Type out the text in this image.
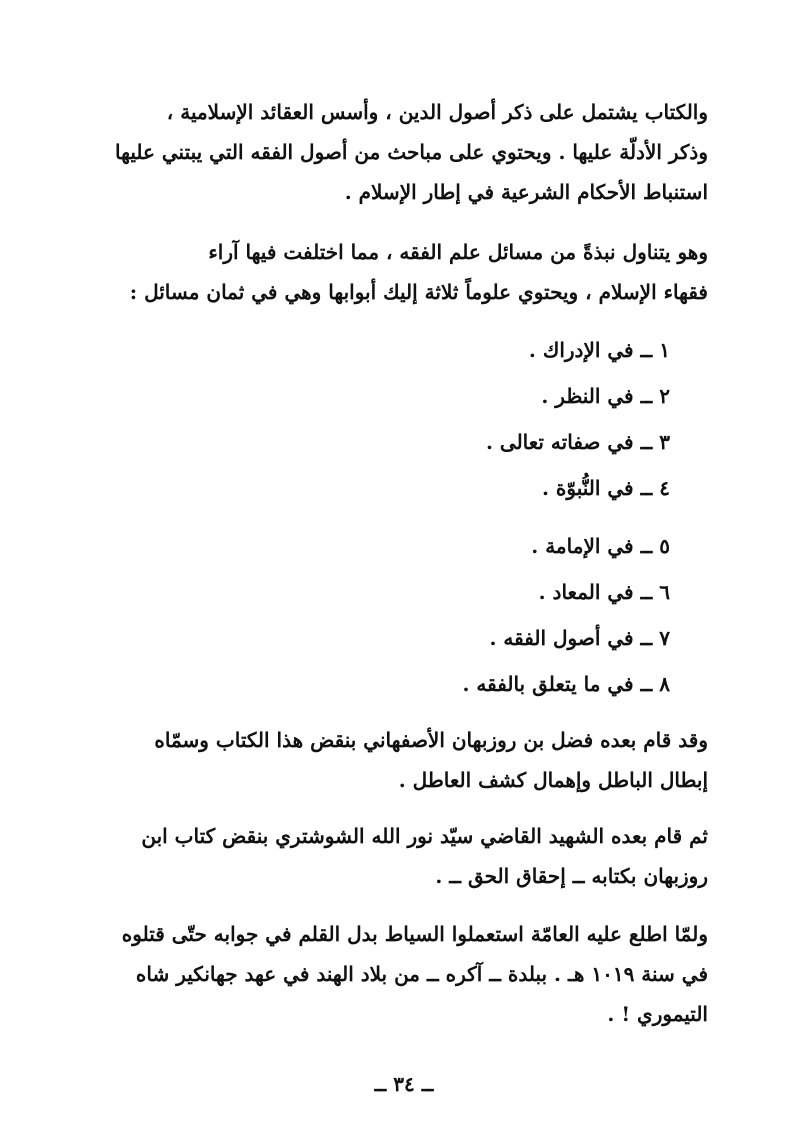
والكتاب يشتمل على ذكر أصول الدين ، وأسس العقائد الإسلامية ،
وذكر الأدلّة عليها . ويحتوي على مباحث من أصول الفقه التي يبتني عليها
استنباط الأحكام الشرعية في إطار الإسلام .
وهو يتناول نبذةً من مسائل علم الفقه ، مما اختلفت فيها آراء
فقهاء الإسلام ، ويحتوي علوماً ثلاثة إليك أبوابها وهي في ثمان مسائل :
١ ــ في الإدراك .
٢ ــ في النظر .
٣ ــ في صفاته تعالى .
٤ ــ في النُّبوّة .
٥ ــ في الإمامة .
٦ ــ في المعاد .
٧ ــ في أصول الفقه .
٨ ــ في ما يتعلق بالفقه .
وقد قام بعده فضل بن روزبهان الأصفهاني بنقض هذا الكتاب وسمّاه
إبطال الباطل وإهمال كشف العاطل .
ثم قام بعده الشهيد القاضي سيّد نور الله الشوشتري بنقض كتاب ابن
روزبهان بكتابه ــ إحقاق الحق ــ .
ولمّا اطلع عليه العامّة استعملوا السياط بدل القلم في جوابه حتّى قتلوه
في سنة ١٠١٩ هـ . ببلدة ــ آكره ــ من بلاد الهند في عهد جهانكير شاه
التيموري ! .
ــ ٣٤ ــ
